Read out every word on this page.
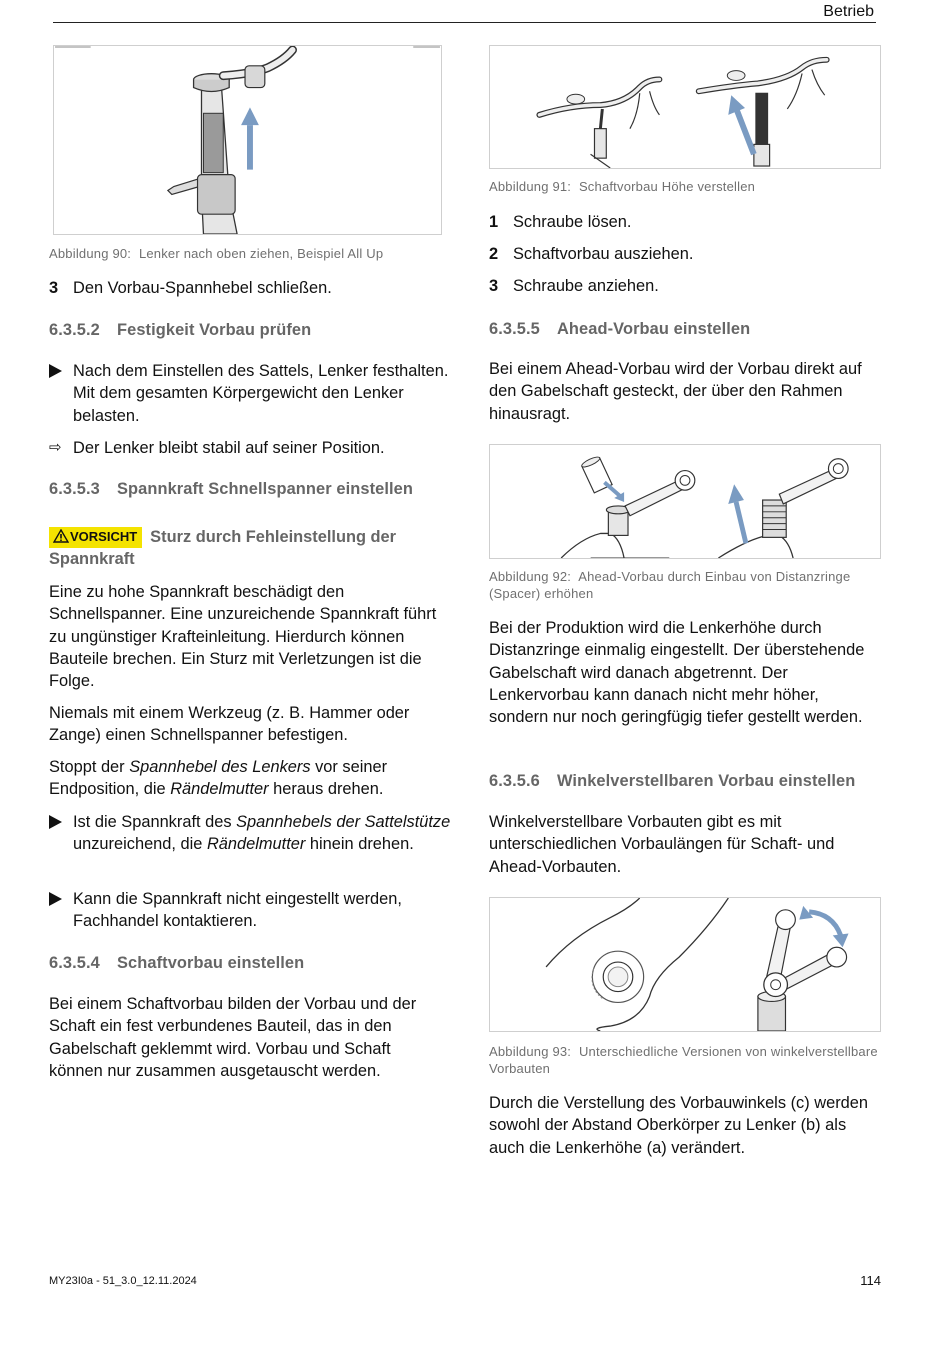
Betrieb
Abbildung 90: Lenker nach oben ziehen, Beispiel All Up
3 Den Vorbau-Spannhebel schließen.
6.3.5.2 Festigkeit Vorbau prüfen
Nach dem Einstellen des Sattels, Lenker festhalten. Mit dem gesamten Körpergewicht den Lenker belasten.
⇨ Der Lenker bleibt stabil auf seiner Position.
6.3.5.3 Spannkraft Schnellspanner einstellen
VORSICHT Sturz durch Fehleinstellung der Spannkraft
Eine zu hohe Spannkraft beschädigt den Schnellspanner. Eine unzureichende Spannkraft führt zu ungünstiger Krafteinleitung. Hierdurch können Bauteile brechen. Ein Sturz mit Verletzungen ist die Folge.
Niemals mit einem Werkzeug (z. B. Hammer oder Zange) einen Schnellspanner befestigen.
Stoppt der Spannhebel des Lenkers vor seiner Endposition, die Rändelmutter heraus drehen.
Ist die Spannkraft des Spannhebels der Sattelstütze unzureichend, die Rändelmutter hinein drehen.
Kann die Spannkraft nicht eingestellt werden, Fachhandel kontaktieren.
6.3.5.4 Schaftvorbau einstellen
Bei einem Schaftvorbau bilden der Vorbau und der Schaft ein fest verbundenes Bauteil, das in den Gabelschaft geklemmt wird. Vorbau und Schaft können nur zusammen ausgetauscht werden.
Abbildung 91: Schaftvorbau Höhe verstellen
1 Schraube lösen.
2 Schaftvorbau ausziehen.
3 Schraube anziehen.
6.3.5.5 Ahead-Vorbau einstellen
Bei einem Ahead-Vorbau wird der Vorbau direkt auf den Gabelschaft gesteckt, der über den Rahmen hinausragt.
Abbildung 92: Ahead-Vorbau durch Einbau von Distanzringe (Spacer) erhöhen
Bei der Produktion wird die Lenkerhöhe durch Distanzringe einmalig eingestellt. Der überstehende Gabelschaft wird danach abgetrennt. Der Lenkervorbau kann danach nicht mehr höher, sondern nur noch geringfügig tiefer gestellt werden.
6.3.5.6 Winkelverstellbaren Vorbau einstellen
Winkelverstellbare Vorbauten gibt es mit unterschiedlichen Vorbaulängen für Schaft- und Ahead-Vorbauten.
Abbildung 93: Unterschiedliche Versionen von winkelverstellbare Vorbauten
Durch die Verstellung des Vorbauwinkels (c) werden sowohl der Abstand Oberkörper zu Lenker (b) als auch die Lenkerhöhe (a) verändert.
MY23I0a - 51_3.0_12.11.2024	114
